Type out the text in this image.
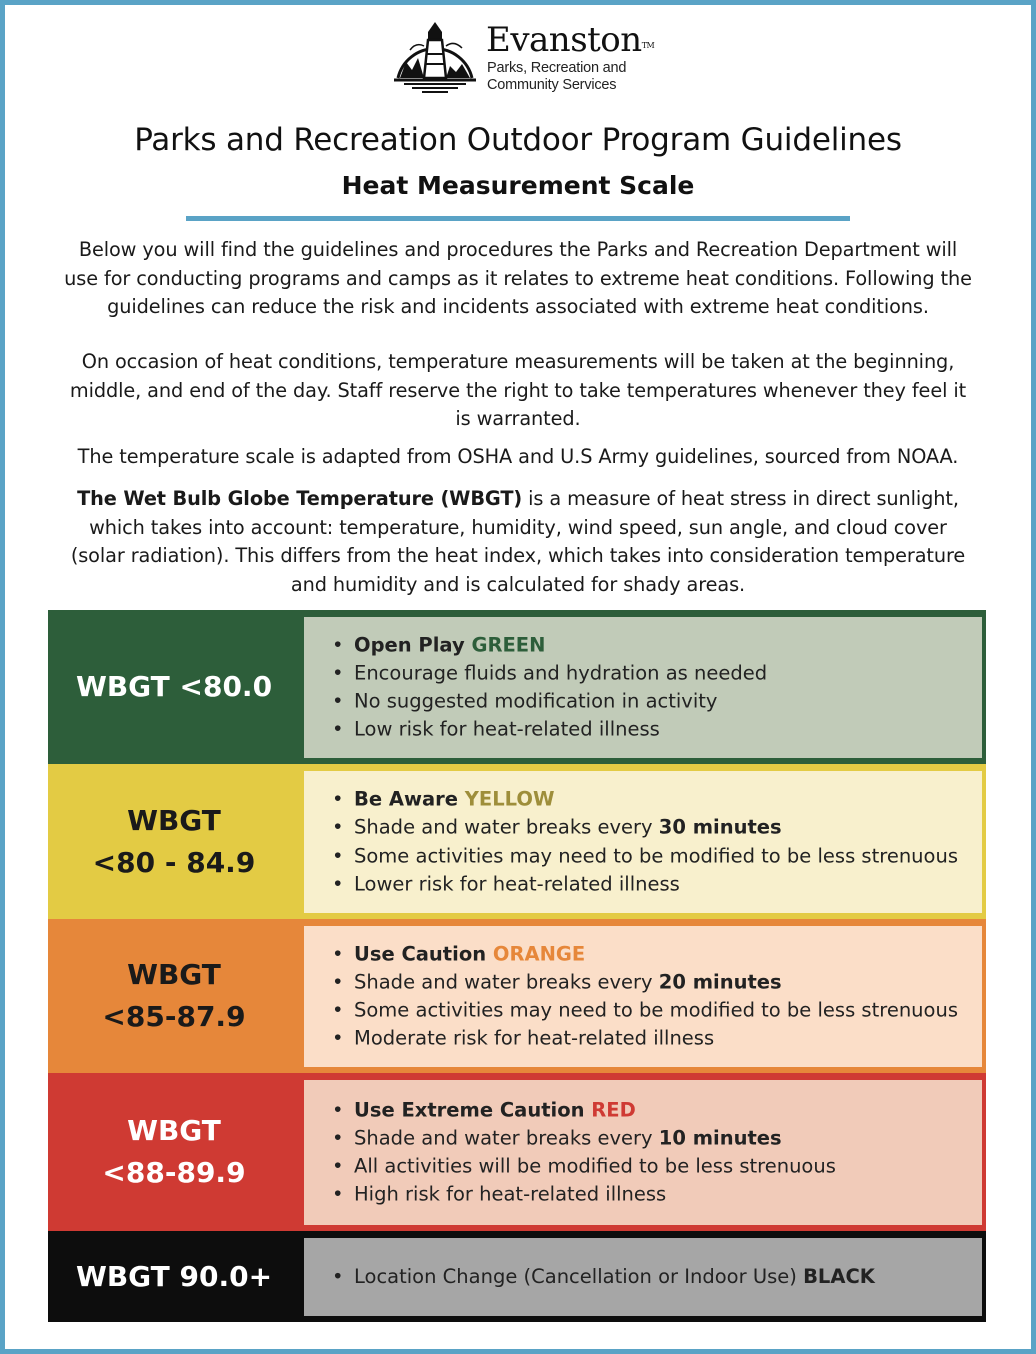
Evanston™
Parks, Recreation and
Community Services
Parks and Recreation Outdoor Program Guidelines
Heat Measurement Scale
Below you will find the guidelines and procedures the Parks and Recreation Department will use for conducting programs and camps as it relates to extreme heat conditions. Following the guidelines can reduce the risk and incidents associated with extreme heat conditions.
On occasion of heat conditions, temperature measurements will be taken at the beginning, middle, and end of the day. Staff reserve the right to take temperatures whenever they feel it is warranted.
The temperature scale is adapted from OSHA and U.S Army guidelines, sourced from NOAA.
The Wet Bulb Globe Temperature (WBGT) is a measure of heat stress in direct sunlight, which takes into account: temperature, humidity, wind speed, sun angle, and cloud cover (solar radiation). This differs from the heat index, which takes into consideration temperature and humidity and is calculated for shady areas.
WBGT <80.0
• Open Play GREEN
• Encourage fluids and hydration as needed
• No suggested modification in activity
• Low risk for heat-related illness
WBGT
<80 - 84.9
• Be Aware YELLOW
• Shade and water breaks every 30 minutes
• Some activities may need to be modified to be less strenuous
• Lower risk for heat-related illness
WBGT
<85-87.9
• Use Caution ORANGE
• Shade and water breaks every 20 minutes
• Some activities may need to be modified to be less strenuous
• Moderate risk for heat-related illness
WBGT
<88-89.9
• Use Extreme Caution RED
• Shade and water breaks every 10 minutes
• All activities will be modified to be less strenuous
• High risk for heat-related illness
WBGT 90.0+
•	Location Change (Cancellation or Indoor Use) BLACK
